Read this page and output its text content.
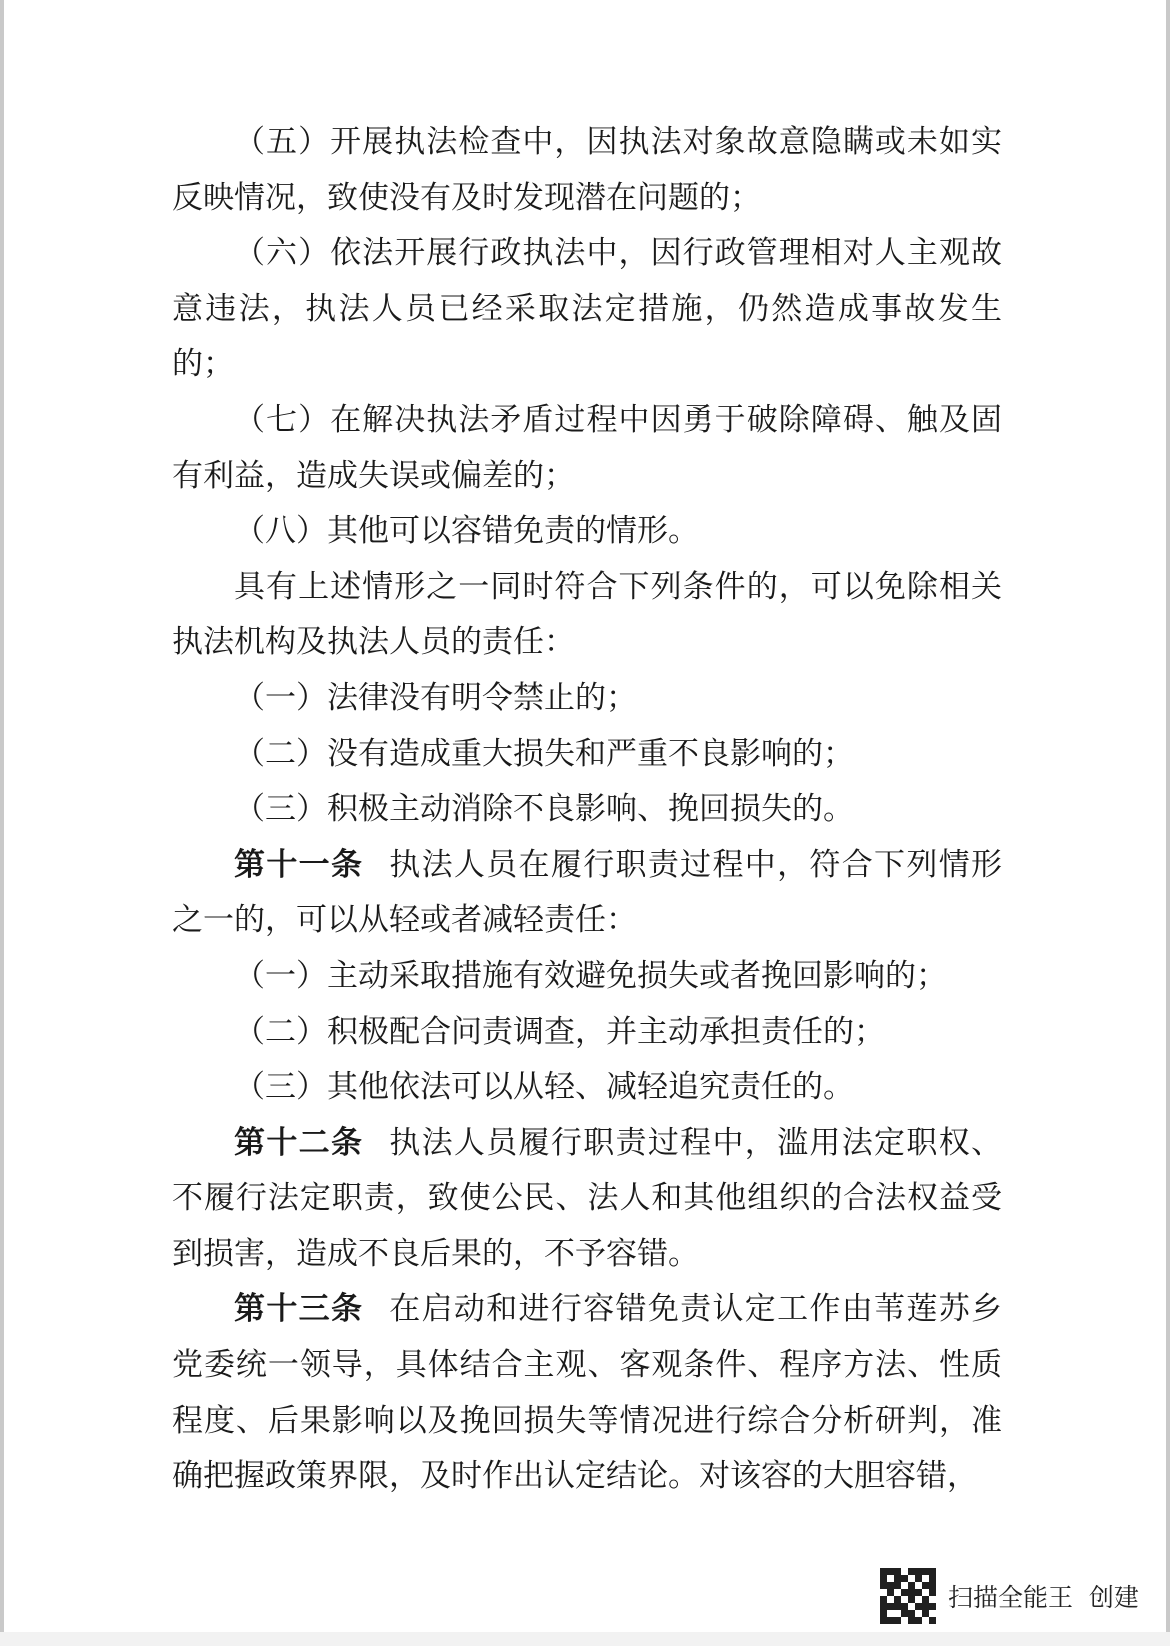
（五）开展执法检查中，因执法对象故意隐瞒或未如实反映情况，致使没有及时发现潜在问题的；

（六）依法开展行政执法中，因行政管理相对人主观故意违法，执法人员已经采取法定措施，仍然造成事故发生的；

（七）在解决执法矛盾过程中因勇于破除障碍、触及固有利益，造成失误或偏差的；

（八）其他可以容错免责的情形。

具有上述情形之一同时符合下列条件的，可以免除相关执法机构及执法人员的责任：

（一）法律没有明令禁止的；

（二）没有造成重大损失和严重不良影响的；

（三）积极主动消除不良影响、挽回损失的。

第十一条 执法人员在履行职责过程中，符合下列情形之一的，可以从轻或者减轻责任：

（一）主动采取措施有效避免损失或者挽回影响的；

（二）积极配合问责调查，并主动承担责任的；

（三）其他依法可以从轻、减轻追究责任的。

第十二条 执法人员履行职责过程中，滥用法定职权、不履行法定职责，致使公民、法人和其他组织的合法权益受到损害，造成不良后果的，不予容错。

第十三条 在启动和进行容错免责认定工作由苇莲苏乡党委统一领导，具体结合主观、客观条件、程序方法、性质程度、后果影响以及挽回损失等情况进行综合分析研判，准确把握政策界限，及时作出认定结论。对该容的大胆容错，

扫描全能王  创建
